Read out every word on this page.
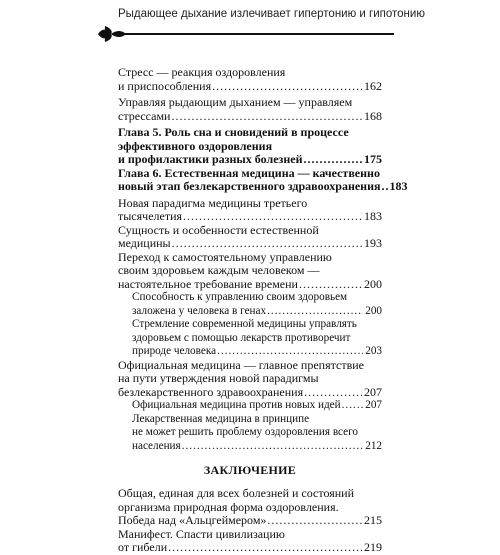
Рыдающее дыхание излечивает гипертонию и гипотонию
Стресс — реакция оздоровления
и приспособления .....	162
Управляя рыдающим дыханием — управляем
стрессами .....	168
Глава 5. Роль сна и сновидений в процессе
эффективного оздоровления
и профилактики разных болезней .....	175
Глава 6. Естественная медицина — качественно
новый этап безлекарственного здравоохранения ..... 183
Новая парадигма медицины третьего
тысячелетия .....	183
Сущность и особенности естественной
медицины .....	193
Переход к самостоятельному управлению
своим здоровьем каждым человеком —
настоятельное требование времени .....	200
Способность к управлению своим здоровьем
заложена у человека в генах .....	200
Стремление современной медицины управлять
здоровьем с помощью лекарств противоречит
природе человека .....	203
Официальная медицина — главное препятствие
на пути утверждения новой парадигмы
безлекарственного здравоохранения .....	207
Официальная медицина против новых идей ..... 207
Лекарственная медицина в принципе
не может решить проблему оздоровления всего
населения .....	212
ЗАКЛЮЧЕНИЕ
Общая, единая для всех болезней и состояний
организма природная форма оздоровления.
Победа над «Альцгеймером» .....	215
Манифест. Спасти цивилизацию
от гибели .....	219
